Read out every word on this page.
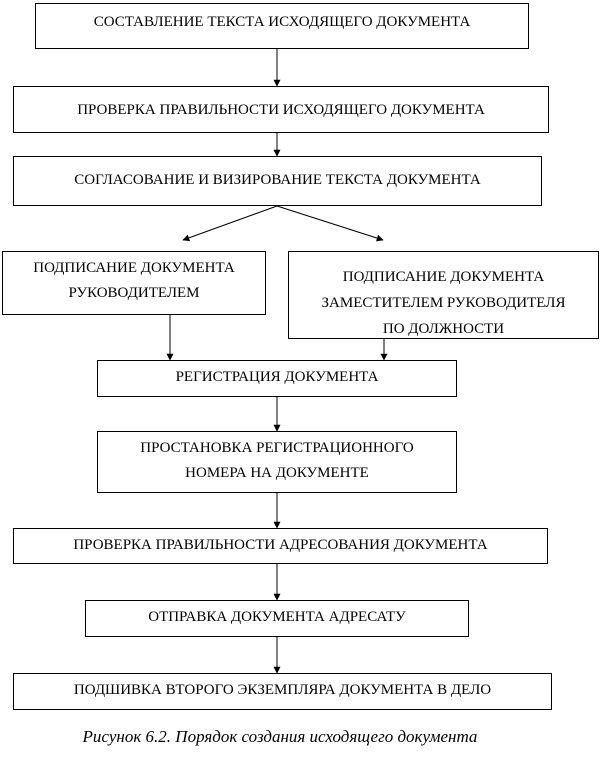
СОСТАВЛЕНИЕ ТЕКСТА ИСХОДЯЩЕГО ДОКУМЕНТА
ПРОВЕРКА ПРАВИЛЬНОСТИ ИСХОДЯЩЕГО ДОКУМЕНТА
СОГЛАСОВАНИЕ И ВИЗИРОВАНИЕ ТЕКСТА ДОКУМЕНТА
ПОДПИСАНИЕ ДОКУМЕНТА РУКОВОДИТЕЛЕМ
ПОДПИСАНИЕ ДОКУМЕНТА ЗАМЕСТИТЕЛЕМ РУКОВОДИТЕЛЯ ПО ДОЛЖНОСТИ
РЕГИСТРАЦИЯ ДОКУМЕНТА
ПРОСТАНОВКА РЕГИСТРАЦИОННОГО НОМЕРА НА ДОКУМЕНТЕ
ПРОВЕРКА ПРАВИЛЬНОСТИ АДРЕСОВАНИЯ ДОКУМЕНТА
ОТПРАВКА ДОКУМЕНТА АДРЕСАТУ
ПОДШИВКА ВТОРОГО ЭКЗЕМПЛЯРА ДОКУМЕНТА В ДЕЛО
Рисунок 6.2. Порядок создания исходящего документа
